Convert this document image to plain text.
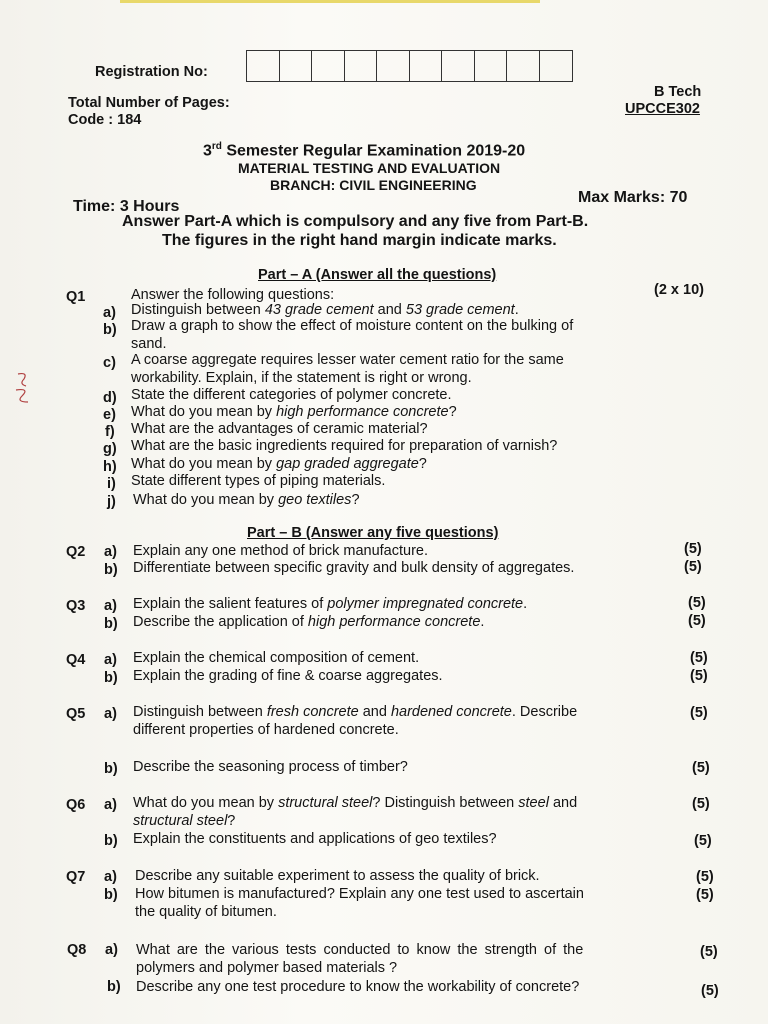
Registration No:
Total Number of Pages:
Code : 184
B Tech
UPCCE302
3rd Semester Regular Examination 2019-20
MATERIAL TESTING AND EVALUATION
BRANCH: CIVIL ENGINEERING
Time: 3 Hours
Max Marks: 70
Answer Part-A which is compulsory and any five from Part-B.
The figures in the right hand margin indicate marks.
Part – A (Answer all the questions)
Q1	Answer the following questions:	(2 x 10)
a) Distinguish between 43 grade cement and 53 grade cement.
b) Draw a graph to show the effect of moisture content on the bulking of
sand.
c) A coarse aggregate requires lesser water cement ratio for the same
workability. Explain, if the statement is right or wrong.
d) State the different categories of polymer concrete.
e) What do you mean by high performance concrete?
f) What are the advantages of ceramic material?
g) What are the basic ingredients required for preparation of varnish?
h) What do you mean by gap graded aggregate?
i) State different types of piping materials.
j) What do you mean by geo textiles?
Part – B (Answer any five questions)
Q2 a) Explain any one method of brick manufacture.	(5)
b) Differentiate between specific gravity and bulk density of aggregates.	(5)
Q3 a) Explain the salient features of polymer impregnated concrete.	(5)
b) Describe the application of high performance concrete.	(5)
Q4 a) Explain the chemical composition of cement.	(5)
b) Explain the grading of fine & coarse aggregates.	(5)
Q5 a) Distinguish between fresh concrete and hardened concrete. Describe
different properties of hardened concrete.
(5)
b) Describe the seasoning process of timber?	(5)
Q6 a) What do you mean by structural steel? Distinguish between steel and
structural steel?
(5)
b) Explain the constituents and applications of geo textiles?	(5)
Q7 a) Describe any suitable experiment to assess the quality of brick.	(5)
b) How bitumen is manufactured? Explain any one test used to ascertain
the quality of bitumen.
(5)
Q8 a) What are the various tests conducted to know the strength of the
polymers and polymer based materials ?
(5)
b) Describe any one test procedure to know the workability of concrete?	(5)
